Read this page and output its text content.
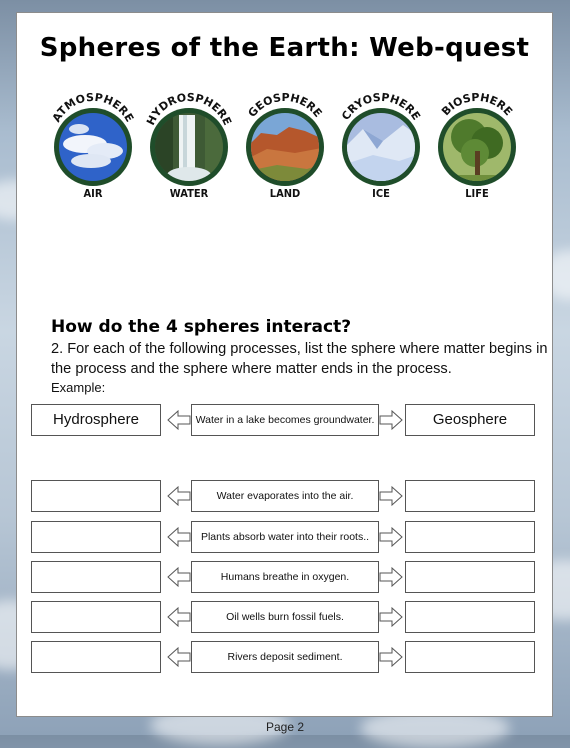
Spheres of the Earth: Web-quest
ATMOSPHERE
AIR
HYDROSPHERE
WATER
GEOSPHERE
LAND
CRYOSPHERE
ICE
BIOSPHERE
LIFE
How do the 4 spheres interact?
2. For each of the following processes, list the sphere where matter begins in the process and the sphere where matter ends in the process.
Example:
Hydrosphere	Water in a lake becomes groundwater.	Geosphere
Water evaporates into the air.
Plants absorb water into their roots..
Humans breathe in oxygen.
Oil wells burn fossil fuels.
Rivers deposit sediment.
Page 2
